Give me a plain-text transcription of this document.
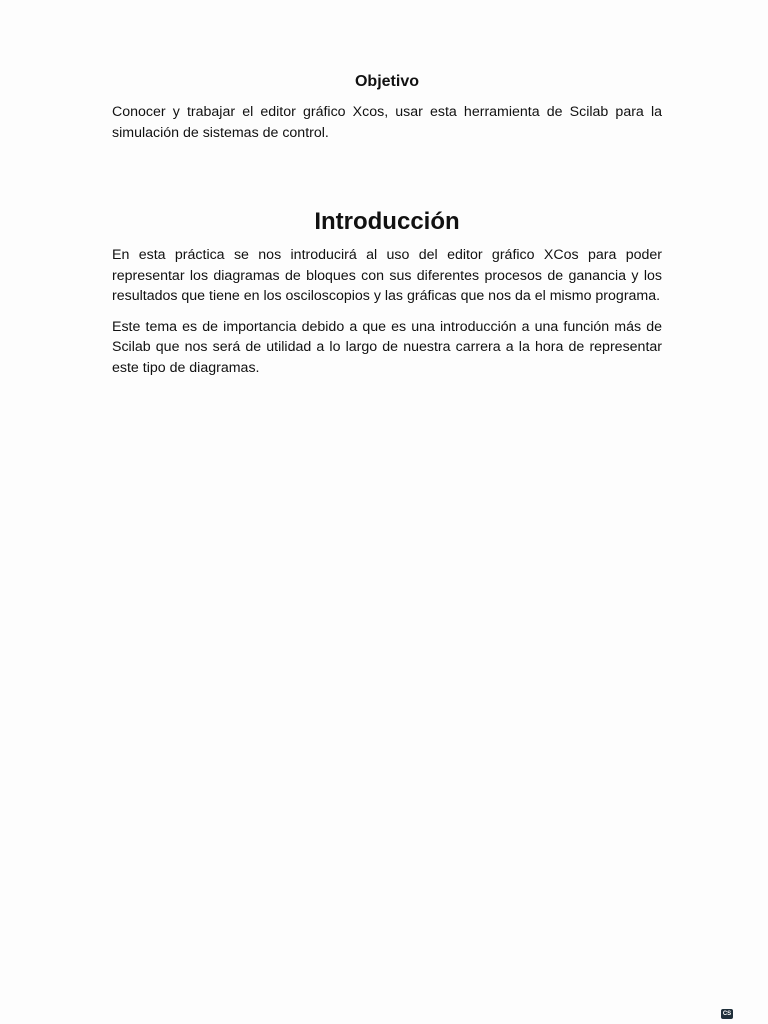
Objetivo

Conocer y trabajar el editor gráfico Xcos, usar esta herramienta de Scilab para la simulación de sistemas de control.

Introducción

En esta práctica se nos introducirá al uso del editor gráfico XCos para poder representar los diagramas de bloques con sus diferentes procesos de ganancia y los resultados que tiene en los osciloscopios y las gráficas que nos da el mismo programa.

Este tema es de importancia debido a que es una introducción a una función más de Scilab que nos será de utilidad a lo largo de nuestra carrera a la hora de representar este tipo de diagramas.

CS
